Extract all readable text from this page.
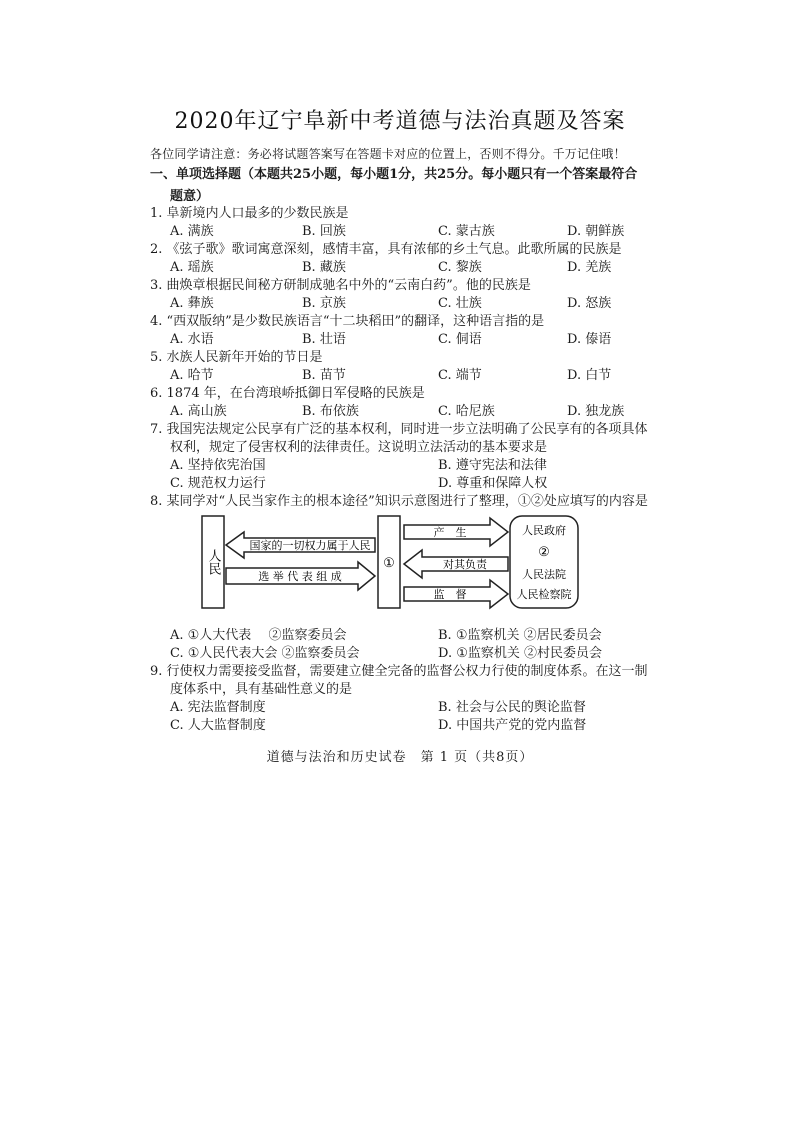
2020年辽宁阜新中考道德与法治真题及答案
各位同学请注意：务必将试题答案写在答题卡对应的位置上，否则不得分。千万记住哦！
一、单项选择题（本题共25小题，每小题1分，共25分。每小题只有一个答案最符合
题意）
1. 阜新境内人口最多的少数民族是
A. 满族	B. 回族	C. 蒙古族	D. 朝鲜族
2. 《弦子歌》歌词寓意深刻，感情丰富，具有浓郁的乡土气息。此歌所属的民族是
A. 瑶族	B. 藏族	C. 黎族	D. 羌族
3. 曲焕章根据民间秘方研制成驰名中外的“云南白药”。他的民族是
A. 彝族	B. 京族	C. 壮族	D. 怒族
4. “西双版纳”是少数民族语言“十二块稻田”的翻译，这种语言指的是
A. 水语	B. 壮语	C. 侗语	D. 傣语
5. 水族人民新年开始的节日是
A. 哈节	B. 苗节	C. 端节	D. 白节
6. 1874 年，在台湾琅峤抵御日军侵略的民族是
A. 高山族	B. 布依族	C. 哈尼族	D. 独龙族
7. 我国宪法规定公民享有广泛的基本权利，同时进一步立法明确了公民享有的各项具体
权利，规定了侵害权利的法律责任。这说明立法活动的基本要求是
A. 坚持依宪治国	B. 遵守宪法和法律
C. 规范权力运行	D. 尊重和保障人权
8. 某同学对“人民当家作主的根本途径”知识示意图进行了整理，①②处应填写的内容是
人民
国家的一切权力属于人民
选 举 代 表 组 成
①
产　生
对其负责
监　督
人民政府
②
人民法院
人民检察院
A. ①人大代表　 ②监察委员会	B. ①监察机关 ②居民委员会
C. ①人民代表大会 ②监察委员会	D. ①监察机关 ②村民委员会
9. 行使权力需要接受监督，需要建立健全完备的监督公权力行使的制度体系。在这一制
度体系中，具有基础性意义的是
A. 宪法监督制度	B. 社会与公民的舆论监督
C. 人大监督制度	D. 中国共产党的党内监督
道德与法治和历史试卷　第 1 页（共8页）
